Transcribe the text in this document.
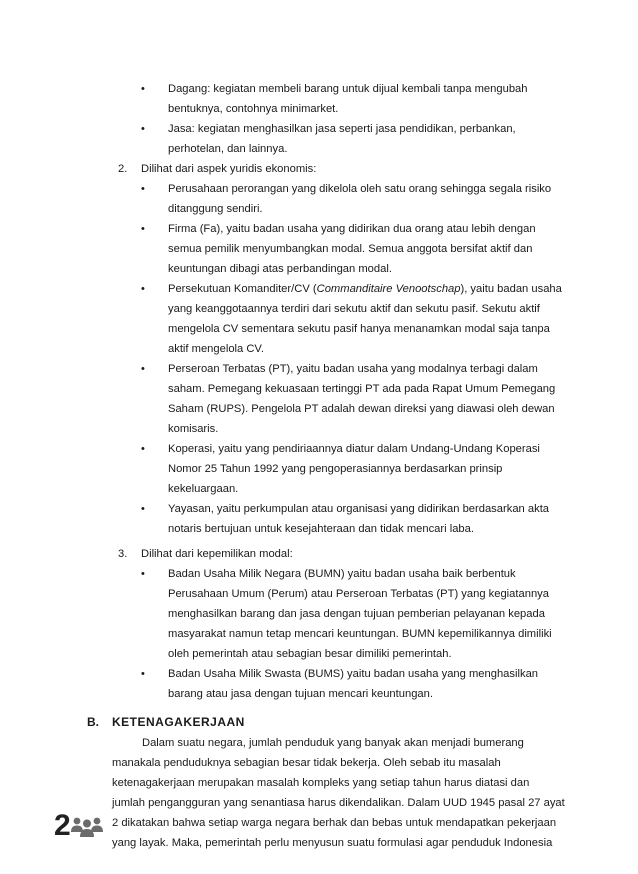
• Dagang: kegiatan membeli barang untuk dijual kembali tanpa mengubah

bentuknya, contohnya minimarket.

• Jasa: kegiatan menghasilkan jasa seperti jasa pendidikan, perbankan,

perhotelan, dan lainnya.

2. Dilihat dari aspek yuridis ekonomis:
• Perusahaan perorangan yang dikelola oleh satu orang sehingga segala risiko

ditanggung sendiri.

• Firma (Fa), yaitu badan usaha yang didirikan dua orang atau lebih dengan

semua pemilik menyumbangkan modal. Semua anggota bersifat aktif dan

keuntungan dibagi atas perbandingan modal.

• Persekutuan Komanditer/CV (Commanditaire Venootschap), yaitu badan usaha

yang keanggotaannya terdiri dari sekutu aktif dan sekutu pasif. Sekutu aktif

mengelola CV sementara sekutu pasif hanya menanamkan modal saja tanpa

aktif mengelola CV.

• Perseroan Terbatas (PT), yaitu badan usaha yang modalnya terbagi dalam

saham. Pemegang kekuasaan tertinggi PT ada pada Rapat Umum Pemegang

Saham (RUPS). Pengelola PT adalah dewan direksi yang diawasi oleh dewan

komisaris.

• Koperasi, yaitu yang pendiriaannya diatur dalam Undang-Undang Koperasi

Nomor 25 Tahun 1992 yang pengoperasiannya berdasarkan prinsip

kekeluargaan.

• Yayasan, yaitu perkumpulan atau organisasi yang didirikan berdasarkan akta

notaris bertujuan untuk kesejahteraan dan tidak mencari laba.

3. Dilihat dari kepemilikan modal:
• Badan Usaha Milik Negara (BUMN) yaitu badan usaha baik berbentuk

Perusahaan Umum (Perum) atau Perseroan Terbatas (PT) yang kegiatannya

menghasilkan barang dan jasa dengan tujuan pemberian pelayanan kepada

masyarakat namun tetap mencari keuntungan. BUMN kepemilikannya dimiliki

oleh pemerintah atau sebagian besar dimiliki pemerintah.

• Badan Usaha Milik Swasta (BUMS) yaitu badan usaha yang menghasilkan

barang atau jasa dengan tujuan mencari keuntungan.

B. KETENAGAKERJAAN

Dalam suatu negara, jumlah penduduk yang banyak akan menjadi bumerang

manakala penduduknya sebagian besar tidak bekerja. Oleh sebab itu masalah

ketenagakerjaan merupakan masalah kompleks yang setiap tahun harus diatasi dan

jumlah pengangguran yang senantiasa harus dikendalikan. Dalam UUD 1945 pasal 27 ayat

2 dikatakan bahwa setiap warga negara berhak dan bebas untuk mendapatkan pekerjaan

yang layak. Maka, pemerintah perlu menyusun suatu formulasi agar penduduk Indonesia

2
